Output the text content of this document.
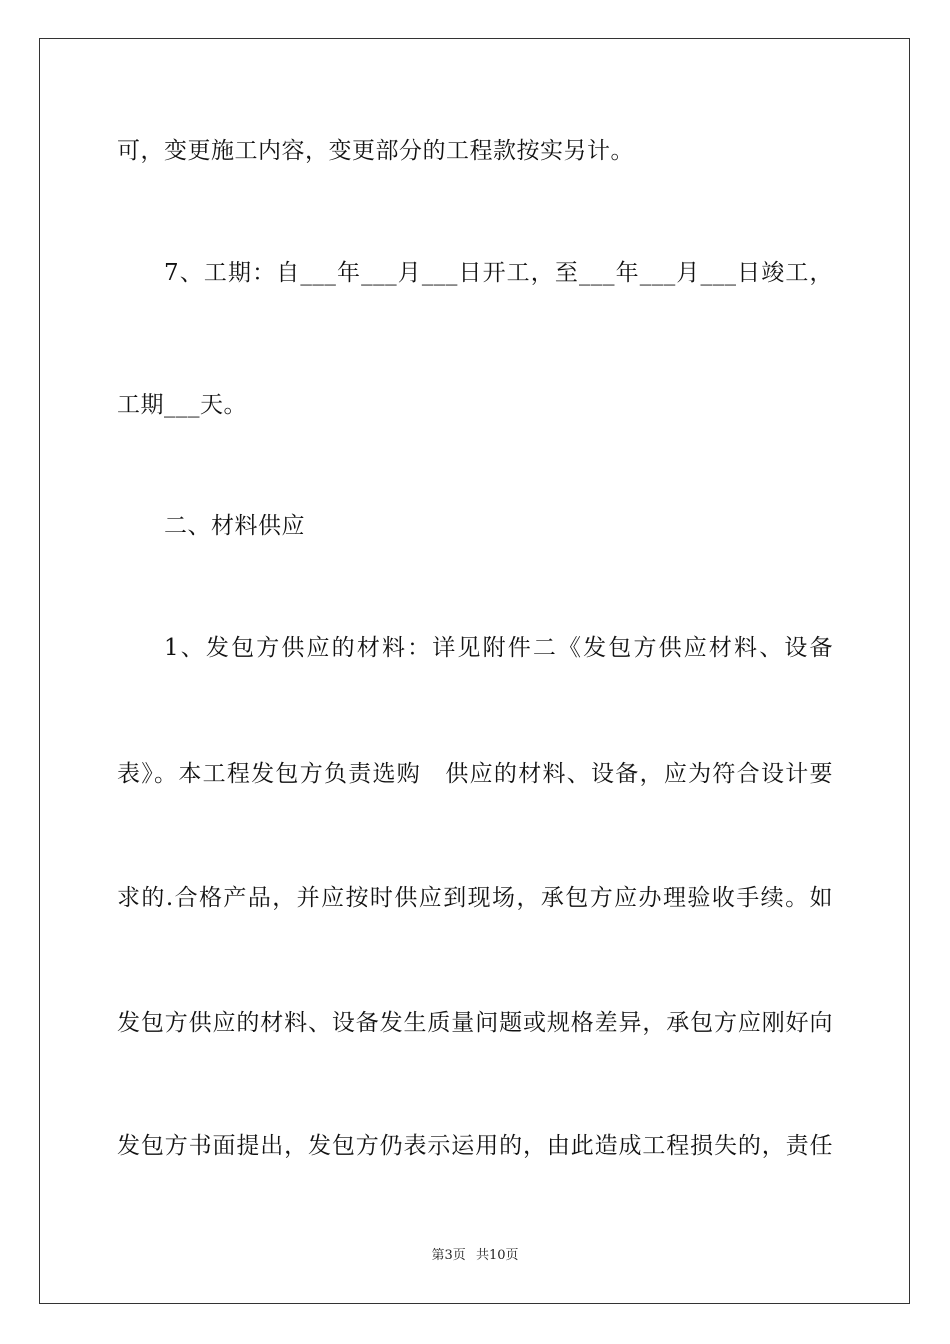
可，变更施工内容，变更部分的工程款按实另计。
7、工期：自___年___月___日开工，至___年___月___日竣工，
工期___天。
二、材料供应
1、发包方供应的材料：详见附件二《发包方供应材料、设备
表》。本工程发包方负责选购　供应的材料、设备，应为符合设计要
求的.合格产品，并应按时供应到现场，承包方应办理验收手续。如
发包方供应的材料、设备发生质量问题或规格差异，承包方应刚好向
发包方书面提出，发包方仍表示运用的，由此造成工程损失的，责任
第3页 共10页
